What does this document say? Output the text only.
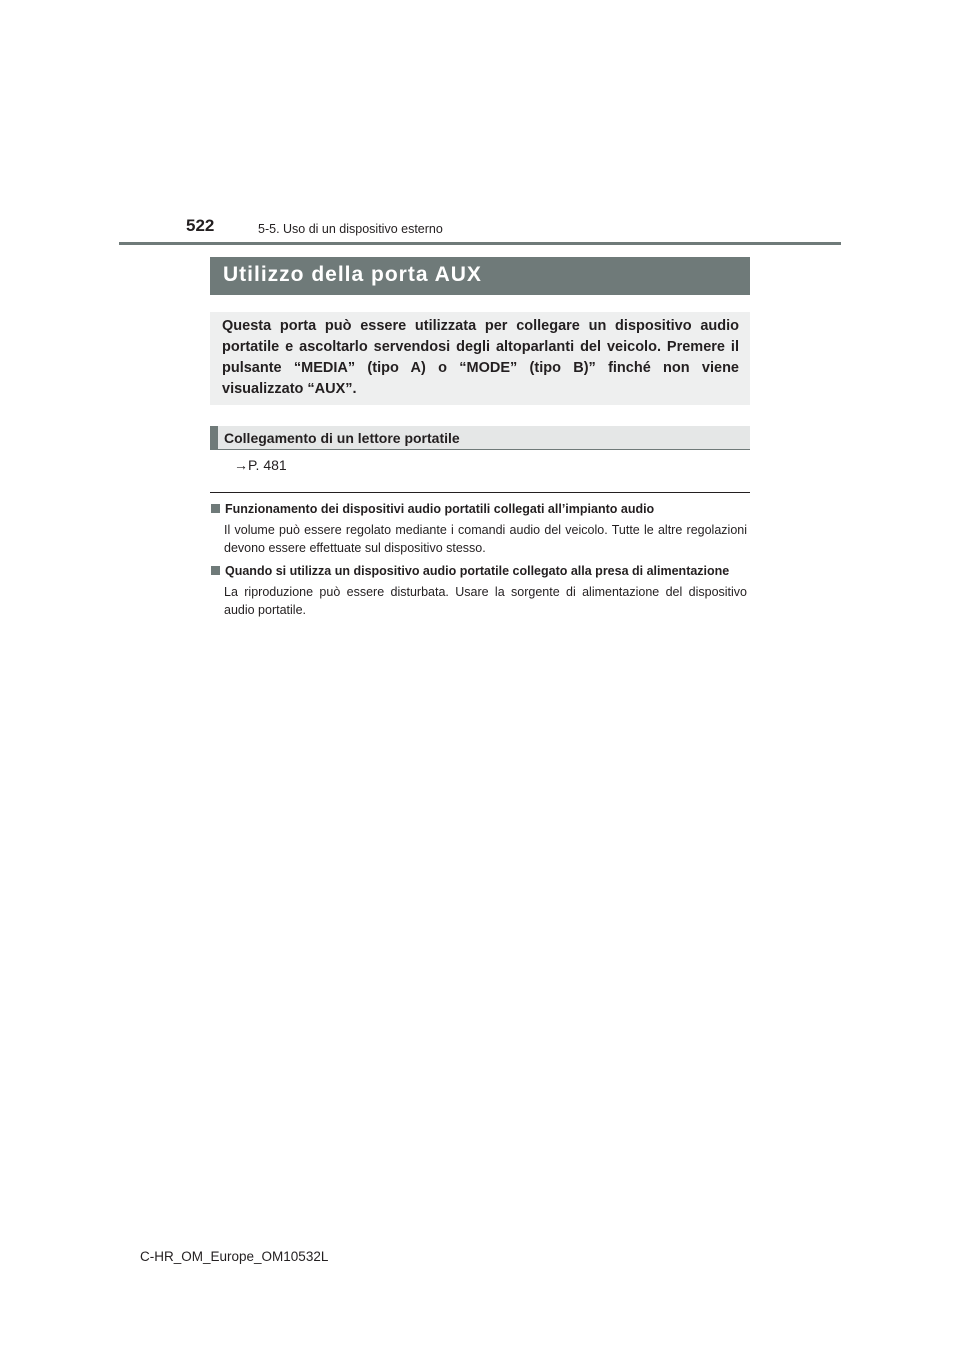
522	5-5. Uso di un dispositivo esterno
Utilizzo della porta AUX
Questa porta può essere utilizzata per collegare un dispositivo audio portatile e ascoltarlo servendosi degli altoparlanti del veicolo. Premere il pulsante “MEDIA” (tipo A) o “MODE” (tipo B)” finché non viene visualizzato “AUX”.
Collegamento di un lettore portatile
→P. 481
Funzionamento dei dispositivi audio portatili collegati all’impianto audio
Il volume può essere regolato mediante i comandi audio del veicolo. Tutte le altre regolazioni devono essere effettuate sul dispositivo stesso.
Quando si utilizza un dispositivo audio portatile collegato alla presa di alimentazione
La riproduzione può essere disturbata. Usare la sorgente di alimentazione del dispositivo audio portatile.
C-HR_OM_Europe_OM10532L
